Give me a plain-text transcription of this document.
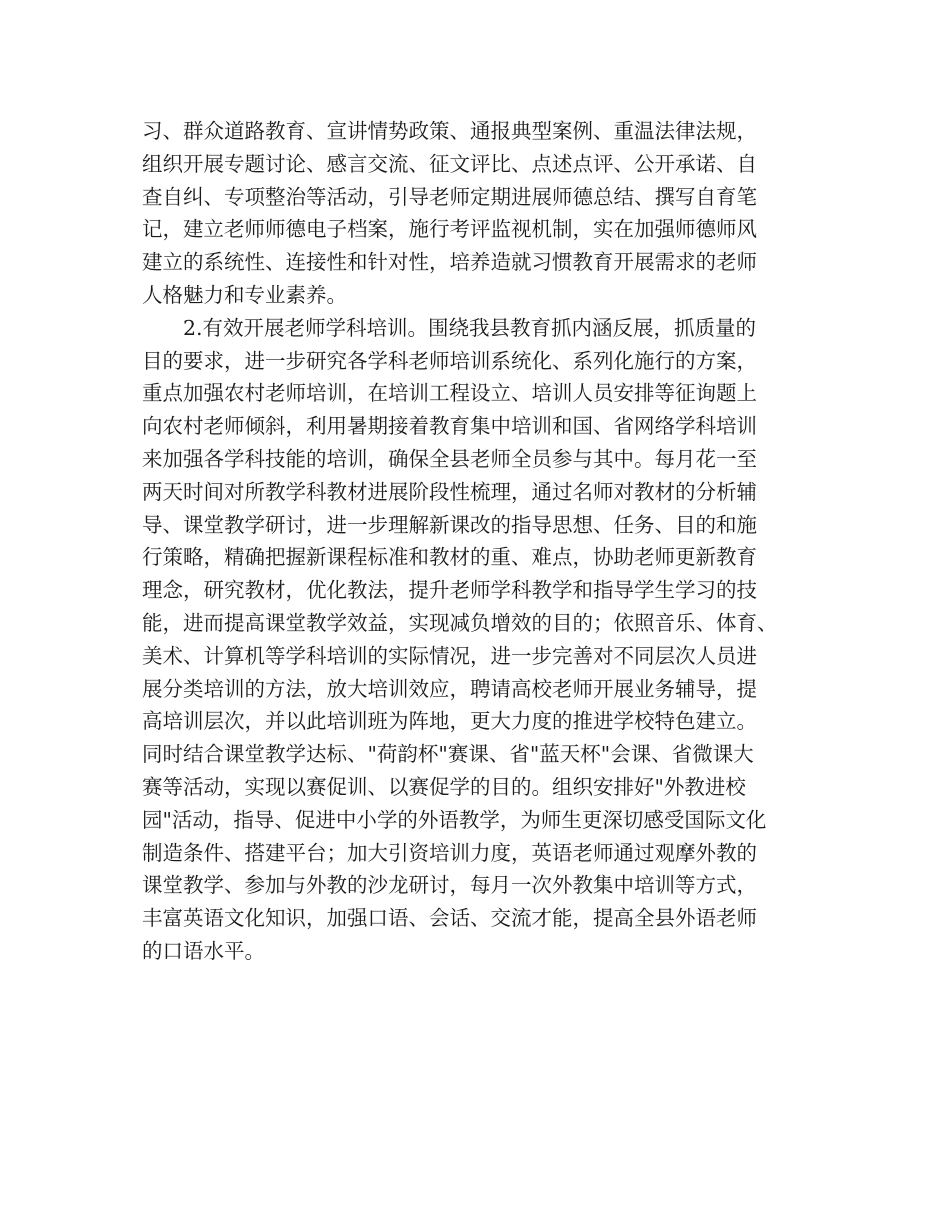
习、群众道路教育、宣讲情势政策、通报典型案例、重温法律法规，
组织开展专题讨论、感言交流、征文评比、点述点评、公开承诺、自
查自纠、专项整治等活动，引导老师定期进展师德总结、撰写自育笔
记，建立老师师德电子档案，施行考评监视机制，实在加强师德师风
建立的系统性、连接性和针对性，培养造就习惯教育开展需求的老师
人格魅力和专业素养。
2.有效开展老师学科培训。围绕我县教育抓内涵反展，抓质量的
目的要求，进一步研究各学科老师培训系统化、系列化施行的方案，
重点加强农村老师培训，在培训工程设立、培训人员安排等征询题上
向农村老师倾斜，利用暑期接着教育集中培训和国、省网络学科培训
来加强各学科技能的培训，确保全县老师全员参与其中。每月花一至
两天时间对所教学科教材进展阶段性梳理，通过名师对教材的分析辅
导、课堂教学研讨，进一步理解新课改的指导思想、任务、目的和施
行策略，精确把握新课程标准和教材的重、难点，协助老师更新教育
理念，研究教材，优化教法，提升老师学科教学和指导学生学习的技
能，进而提高课堂教学效益，实现减负增效的目的；依照音乐、体育、
美术、计算机等学科培训的实际情况，进一步完善对不同层次人员进
展分类培训的方法，放大培训效应，聘请高校老师开展业务辅导，提
高培训层次，并以此培训班为阵地，更大力度的推进学校特色建立。
同时结合课堂教学达标、"荷韵杯"赛课、省"蓝天杯"会课、省微课大
赛等活动，实现以赛促训、以赛促学的目的。组织安排好"外教进校
园"活动，指导、促进中小学的外语教学，为师生更深切感受国际文化
制造条件、搭建平台；加大引资培训力度，英语老师通过观摩外教的
课堂教学、参加与外教的沙龙研讨，每月一次外教集中培训等方式，
丰富英语文化知识，加强口语、会话、交流才能，提高全县外语老师
的口语水平。
